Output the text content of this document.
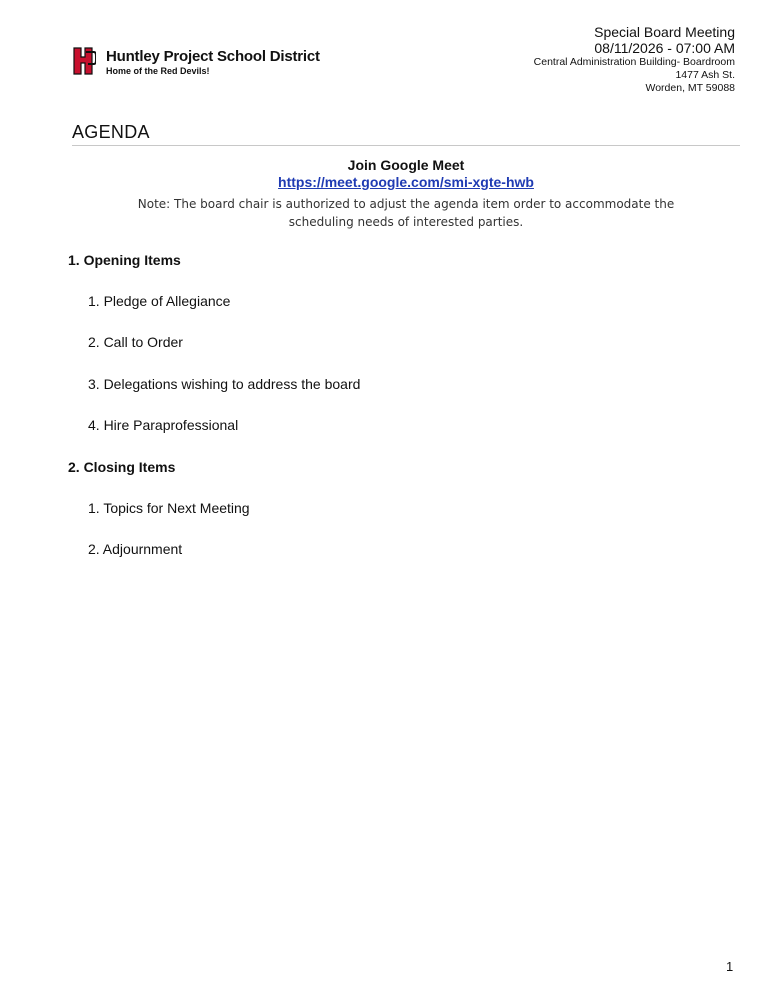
Huntley Project School District
Home of the Red Devils!
Special Board Meeting
08/11/2026 - 07:00 AM
Central Administration Building- Boardroom
1477 Ash St.
Worden, MT 59088
AGENDA
Join Google Meet
https://meet.google.com/smi-xgte-hwb
Note: The board chair is authorized to adjust the agenda item order to accommodate the
scheduling needs of interested parties.
1. Opening Items
1. Pledge of Allegiance
2. Call to Order
3. Delegations wishing to address the board
4. Hire Paraprofessional
2. Closing Items
1. Topics for Next Meeting
2. Adjournment
1
